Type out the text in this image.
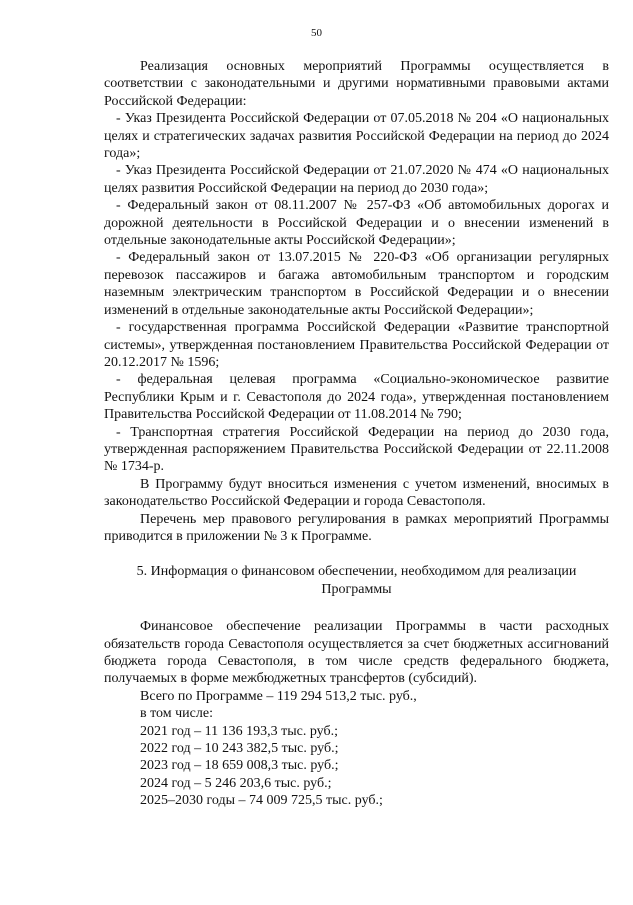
50

Реализация основных мероприятий Программы осуществляется в соответствии с законодательными и другими нормативными правовыми актами Российской Федерации:

- Указ Президента Российской Федерации от 07.05.2018 № 204 «О национальных целях и стратегических задачах развития Российской Федерации на период до 2024 года»;

- Указ Президента Российской Федерации от 21.07.2020 № 474 «О национальных целях развития Российской Федерации на период до 2030 года»;

- Федеральный закон от 08.11.2007 № 257-ФЗ «Об автомобильных дорогах и дорожной деятельности в Российской Федерации и о внесении изменений в отдельные законодательные акты Российской Федерации»;

- Федеральный закон от 13.07.2015 № 220-ФЗ «Об организации регулярных перевозок пассажиров и багажа автомобильным транспортом и городским наземным электрическим транспортом в Российской Федерации и о внесении изменений в отдельные законодательные акты Российской Федерации»;

- государственная программа Российской Федерации «Развитие транспортной системы», утвержденная постановлением Правительства Российской Федерации от 20.12.2017 № 1596;

- федеральная целевая программа «Социально-экономическое развитие Республики Крым и г. Севастополя до 2024 года», утвержденная постановлением Правительства Российской Федерации от 11.08.2014 № 790;

- Транспортная стратегия Российской Федерации на период до 2030 года, утвержденная распоряжением Правительства Российской Федерации от 22.11.2008 № 1734-р.

В Программу будут вноситься изменения с учетом изменений, вносимых в законодательство Российской Федерации и города Севастополя.

Перечень мер правового регулирования в рамках мероприятий Программы приводится в приложении № 3 к Программе.

5. Информация о финансовом обеспечении, необходимом для реализации
Программы

Финансовое обеспечение реализации Программы в части расходных обязательств города Севастополя осуществляется за счет бюджетных ассигнований бюджета города Севастополя, в том числе средств федерального бюджета, получаемых в форме межбюджетных трансфертов (субсидий).

Всего по Программе – 119 294 513,2 тыс. руб.,

в том числе:

2021 год – 11 136 193,3 тыс. руб.;

2022 год – 10 243 382,5 тыс. руб.;

2023 год – 18 659 008,3 тыс. руб.;

2024 год – 5 246 203,6 тыс. руб.;

2025–2030 годы – 74 009 725,5 тыс. руб.;
